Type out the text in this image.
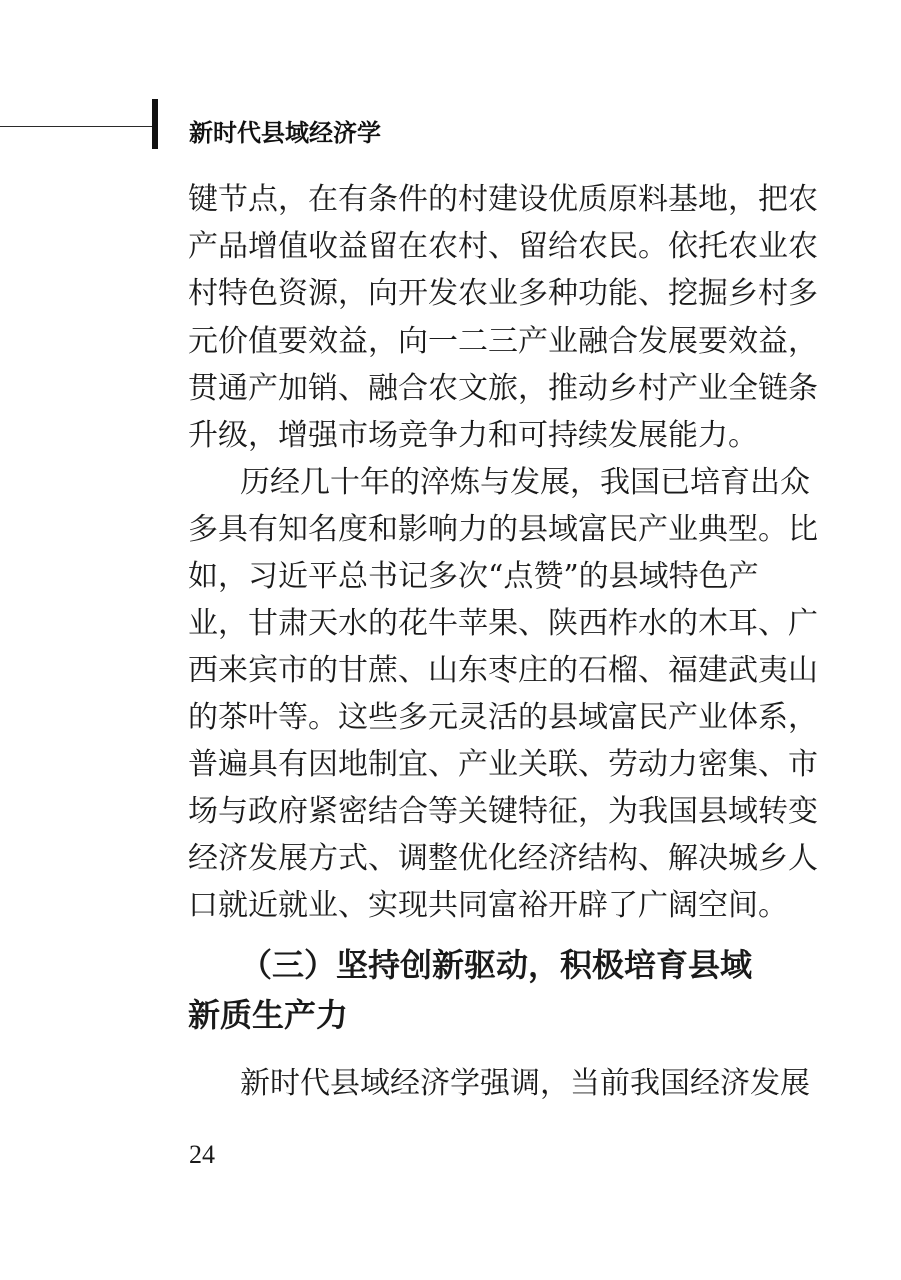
新时代县域经济学
键节点，在有条件的村建设优质原料基地，把农
产品增值收益留在农村、留给农民。依托农业农
村特色资源，向开发农业多种功能、挖掘乡村多
元价值要效益，向一二三产业融合发展要效益，
贯通产加销、融合农文旅，推动乡村产业全链条
升级，增强市场竞争力和可持续发展能力。
历经几十年的淬炼与发展，我国已培育出众
多具有知名度和影响力的县域富民产业典型。比
如，习近平总书记多次“点赞”的县域特色产
业，甘肃天水的花牛苹果、陕西柞水的木耳、广
西来宾市的甘蔗、山东枣庄的石榴、福建武夷山
的茶叶等。这些多元灵活的县域富民产业体系，
普遍具有因地制宜、产业关联、劳动力密集、市
场与政府紧密结合等关键特征，为我国县域转变
经济发展方式、调整优化经济结构、解决城乡人
口就近就业、实现共同富裕开辟了广阔空间。
（三）坚持创新驱动，积极培育县域
新质生产力
新时代县域经济学强调，当前我国经济发展
24
